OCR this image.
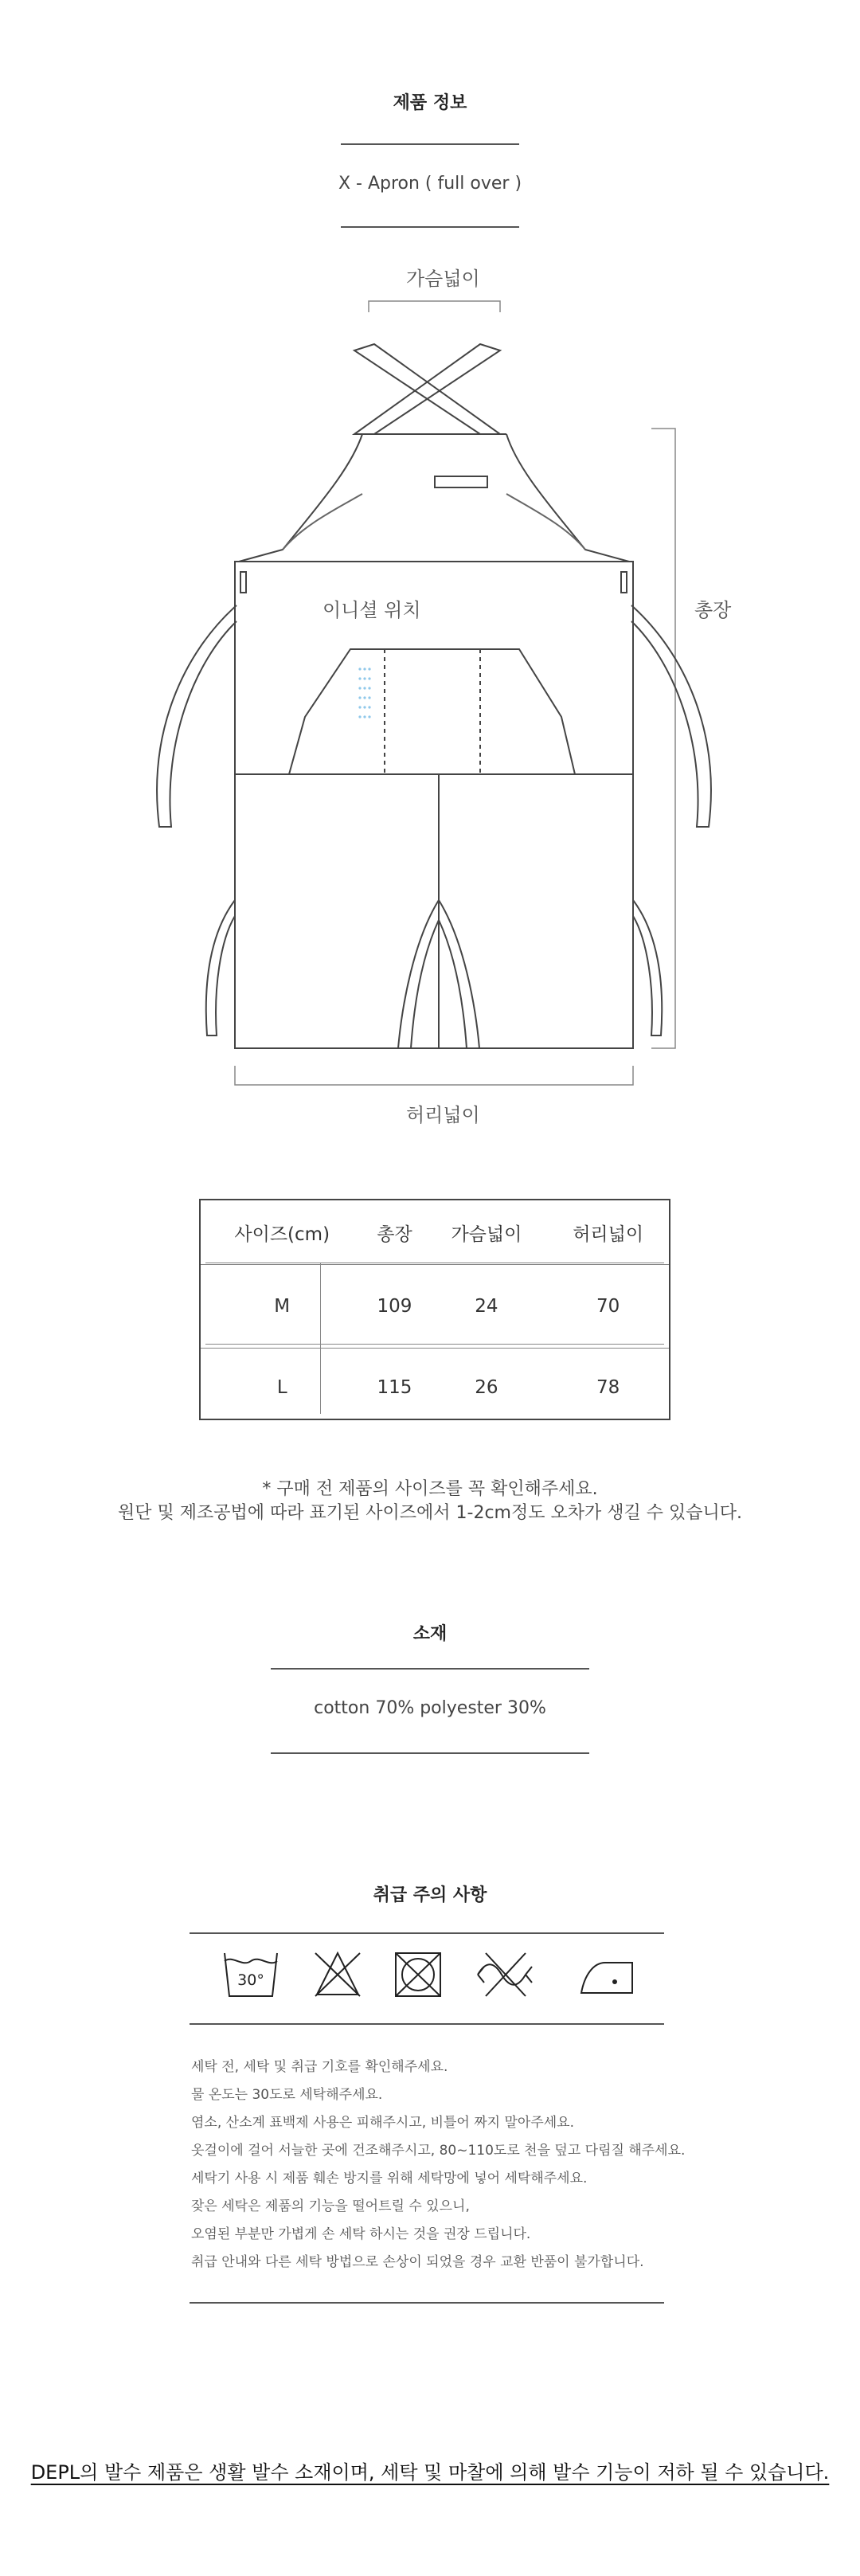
제품 정보
X - Apron ( full over )
가슴넓이
총장
이니셜 위치
허리넓이
사이즈(cm)	총장	가슴넓이	허리넓이
M	109	24	70
L	115	26	78
* 구매 전 제품의 사이즈를 꼭 확인해주세요.
원단 및 제조공법에 따라 표기된 사이즈에서 1-2cm정도 오차가 생길 수 있습니다.
소재
cotton 70% polyester 30%
취급 주의 사항
30°
세탁 전, 세탁 및 취급 기호를 확인해주세요.
물 온도는 30도로 세탁해주세요.
염소, 산소계 표백제 사용은 피해주시고, 비틀어 짜지 말아주세요.
옷걸이에 걸어 서늘한 곳에 건조해주시고, 80~110도로 천을 덮고 다림질 해주세요.
세탁기 사용 시 제품 훼손 방지를 위해 세탁망에 넣어 세탁해주세요.
잦은 세탁은 제품의 기능을 떨어트릴 수 있으니,
오염된 부분만 가볍게 손 세탁 하시는 것을 권장 드립니다.
취급 안내와 다른 세탁 방법으로 손상이 되었을 경우 교환 반품이 불가합니다.
DEPL의 발수 제품은 생활 발수 소재이며, 세탁 및 마찰에 의해 발수 기능이 저하 될 수 있습니다.
